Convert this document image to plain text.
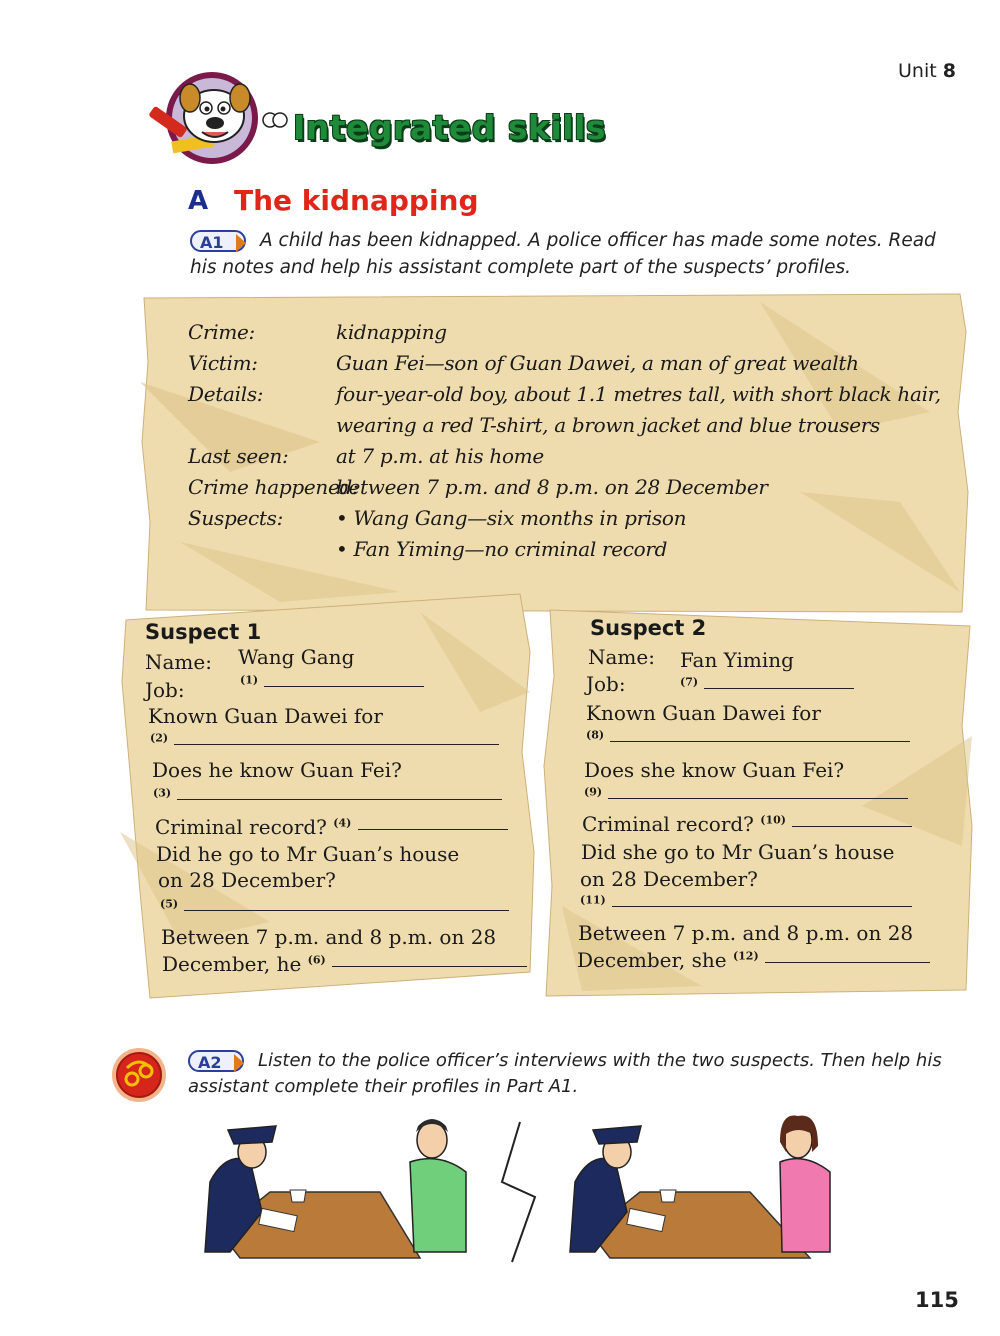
Unit 8
Integrated skills
A The kidnapping
A1	A child has been kidnapped. A police officer has made some notes. Read his notes and help his assistant complete part of the suspects’ profiles.
Crime:	kidnapping
Victim:	Guan Fei—son of Guan Dawei, a man of great wealth
Details:	four-year-old boy, about 1.1 metres tall, with short black hair,
wearing a red T-shirt, a brown jacket and blue trousers
Last seen: at 7 p.m. at his home
Crime happened:
between 7 p.m. and 8 p.m. on 28 December
Suspects:	• Wang Gang—six months in prison
• Fan Yiming—no criminal record
Suspect 1
Name: Wang Gang
Job:	$^{(1)}$
Known Guan Dawei for
$^{(2)}$
Does he know Guan Fei?
$^{(3)}$
Criminal record? $^{(4)}$
Did he go to Mr Guan’s house
on 28 December?
$^{(5)}$
Between 7 p.m. and 8 p.m. on 28
December, he $^{(6)}$
Suspect 2
Name: Fan Yiming
Job:	$^{(7)}$
Known Guan Dawei for
$^{(8)}$
Does she know Guan Fei?
$^{(9)}$
Criminal record? $^{(10)}$
Did she go to Mr Guan’s house
on 28 December?
$^{(11)}$
Between 7 p.m. and 8 p.m. on 28
December, she $^{(12)}$
A2	Listen to the police officer’s interviews with the two suspects. Then help his assistant complete their profiles in Part A1.
115
